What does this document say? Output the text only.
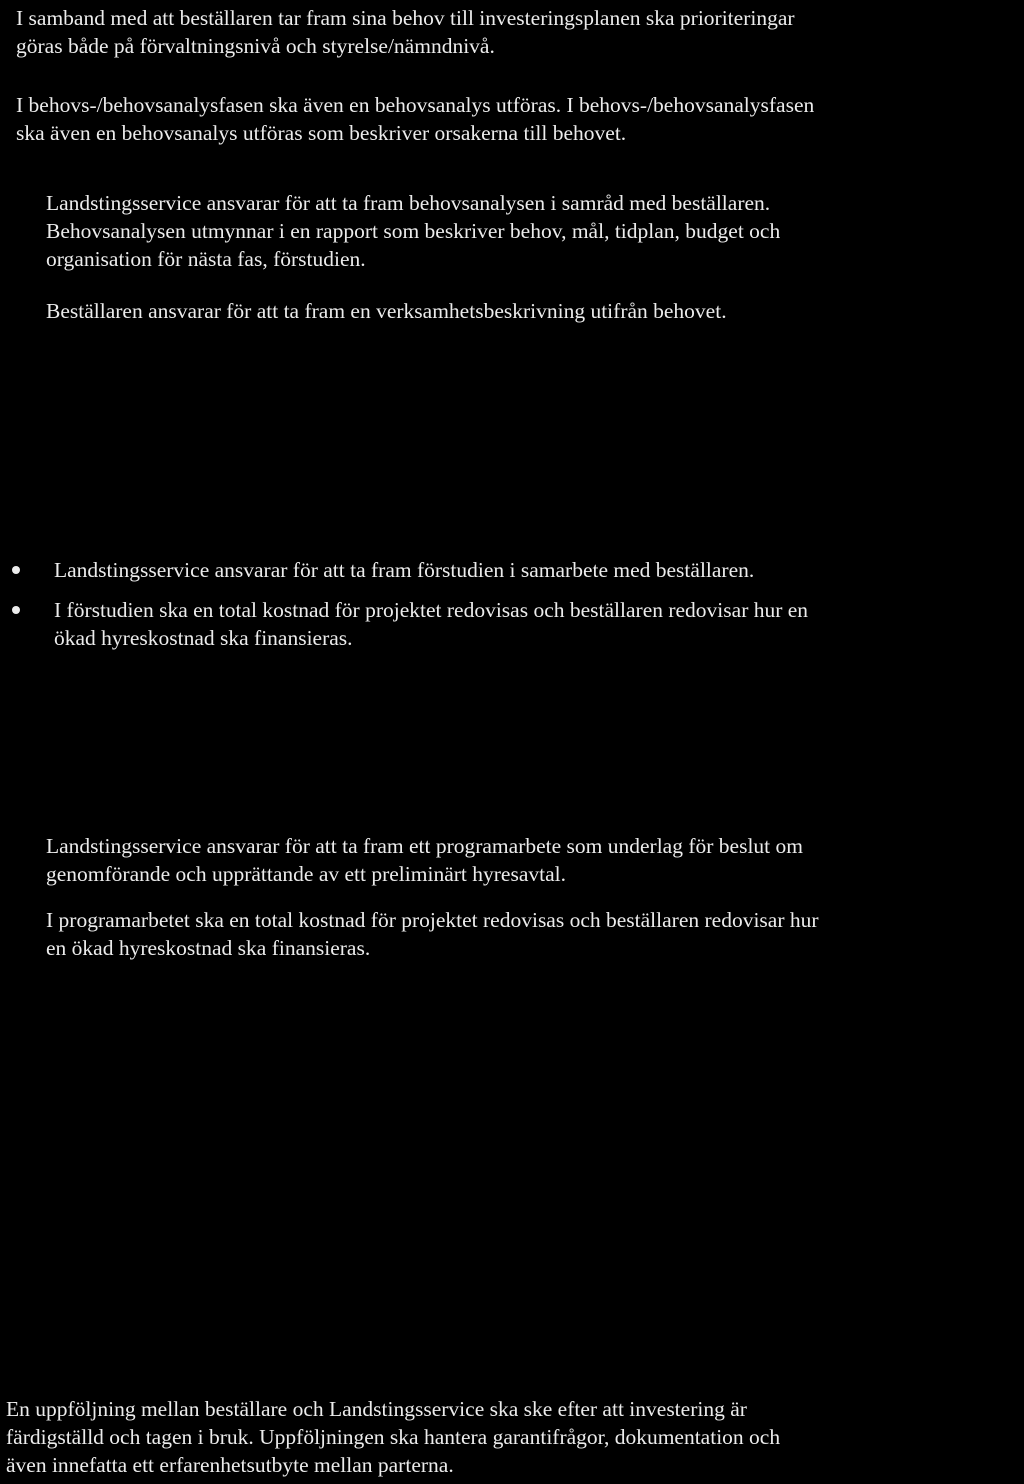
I samband med att beställaren tar fram sina behov till investeringsplanen ska prioriteringar
göras både på förvaltningsnivå och styrelse/nämndnivå.

I behovs-/behovsanalysfasen ska även en behovsanalys utföras. I behovs-/behovsanalysfasen
ska även en behovsanalys utföras som beskriver orsakerna till behovet.

Landstingsservice ansvarar för att ta fram behovsanalysen i samråd med beställaren.
Behovsanalysen utmynnar i en rapport som beskriver behov, mål, tidplan, budget och
organisation för nästa fas, förstudien.

Beställaren ansvarar för att ta fram en verksamhetsbeskrivning utifrån behovet.

Landstingsservice ansvarar för att ta fram förstudien i samarbete med beställaren.
I förstudien ska en total kostnad för projektet redovisas och beställaren redovisar hur en
ökad hyreskostnad ska finansieras.

Landstingsservice ansvarar för att ta fram ett programarbete som underlag för beslut om
genomförande och upprättande av ett preliminärt hyresavtal.

I programarbetet ska en total kostnad för projektet redovisas och beställaren redovisar hur
en ökad hyreskostnad ska finansieras.

En uppföljning mellan beställare och Landstingsservice ska ske efter att investering är
färdigställd och tagen i bruk. Uppföljningen ska hantera garantifrågor, dokumentation och
även innefatta ett erfarenhetsutbyte mellan parterna.
